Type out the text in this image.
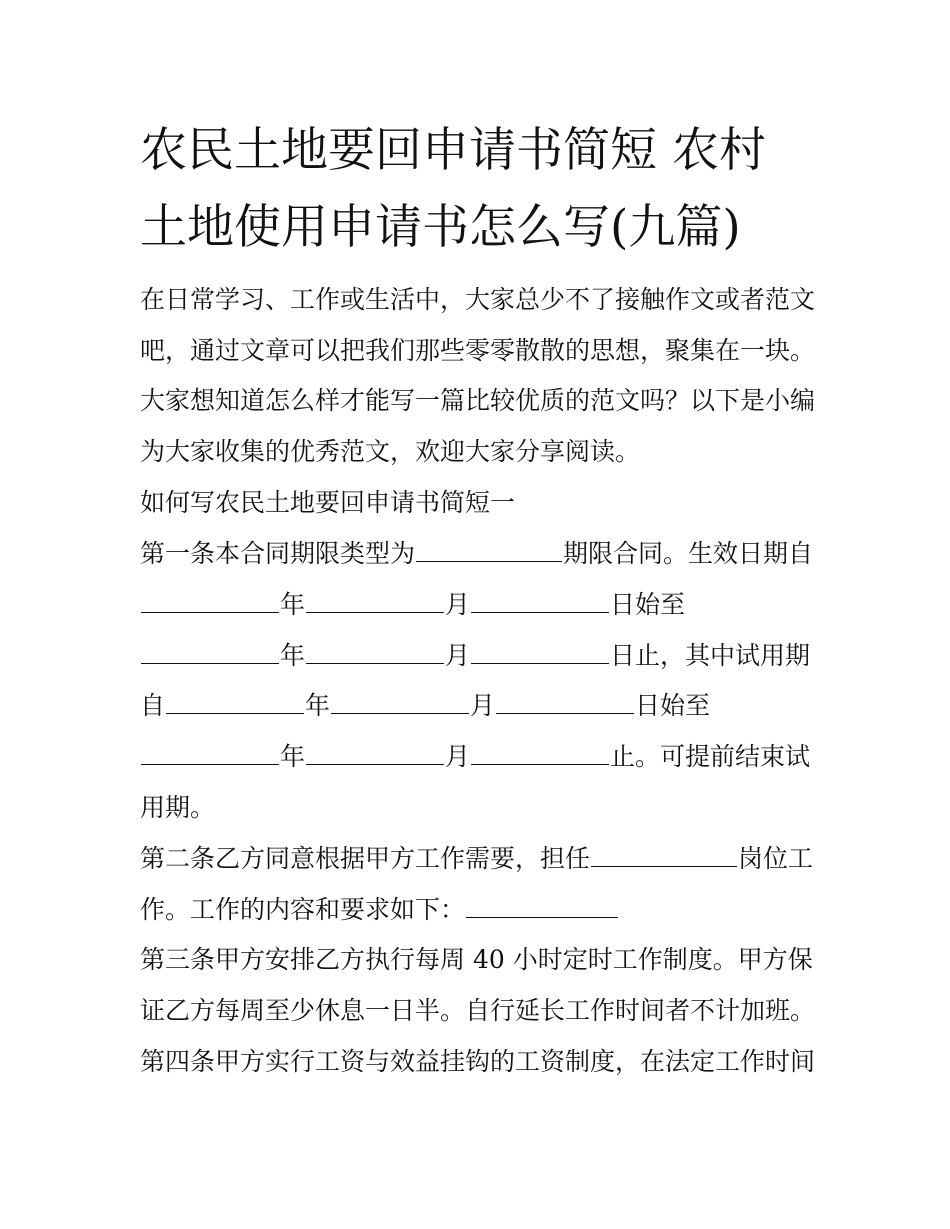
农民土地要回申请书简短 农村
土地使用申请书怎么写(九篇)
在日常学习、工作或生活中，大家总少不了接触作文或者范文
吧，通过文章可以把我们那些零零散散的思想，聚集在一块。
大家想知道怎么样才能写一篇比较优质的范文吗？以下是小编
为大家收集的优秀范文，欢迎大家分享阅读。
如何写农民土地要回申请书简短一
第一条本合同期限类型为	期限合同。生效日期自
年	月	日始至
年	月	日止，其中试用期
自	年	月	日始至
年	月	止。可提前结束试
用期。
第二条乙方同意根据甲方工作需要，担任	岗位工
作。工作的内容和要求如下：
第三条甲方安排乙方执行每周 40 小时定时工作制度。甲方保
证乙方每周至少休息一日半。自行延长工作时间者不计加班。
第四条甲方实行工资与效益挂钩的工资制度，在法定工作时间
